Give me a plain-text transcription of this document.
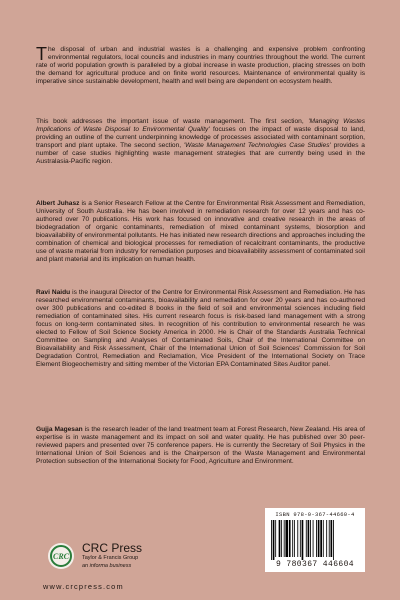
The disposal of urban and industrial wastes is a challenging and expensive problem confronting environmental regulators, local councils and industries in many countries throughout the world. The current rate of world population growth is paralleled by a global increase in waste production, placing stresses on both the demand for agricultural produce and on finite world resources. Maintenance of environmental quality is imperative since sustainable development, health and well being are dependent on ecosystem health.

This book addresses the important issue of waste management. The first section, 'Managing Wastes Implications of Waste Disposal to Environmental Quality' focuses on the impact of waste disposal to land, providing an outline of the current underpinning knowledge of processes associated with contaminant sorption, transport and plant uptake. The second section, 'Waste Management Technologies Case Studies' provides a number of case studies highlighting waste management strategies that are currently being used in the Australasia-Pacific region.

Albert Juhasz is a Senior Research Fellow at the Centre for Environmental Risk Assessment and Remediation, University of South Australia. He has been involved in remediation research for over 12 years and has co-authored over 70 publications. His work has focused on innovative and creative research in the areas of biodegradation of organic contaminants, remediation of mixed contaminant systems, biosorption and bioavailability of environmental pollutants. He has initiated new research directions and approaches including the combination of chemical and biological processes for remediation of recalcitrant contaminants, the productive use of waste material from industry for remediation purposes and bioavailability assessment of contaminated soil and plant material and its implication on human health.

Ravi Naidu is the inaugural Director of the Centre for Environmental Risk Assessment and Remediation. He has researched environmental contaminants, bioavailability and remediation for over 20 years and has co-authored over 300 publications and co-edited 8 books in the field of soil and environmental sciences including field remediation of contaminated sites. His current research focus is risk-based land management with a strong focus on long-term contaminated sites. In recognition of his contribution to environmental research he was elected to Fellow of Soil Science Society America in 2000. He is Chair of the Standards Australia Technical Committee on Sampling and Analyses of Contaminated Soils, Chair of the International Committee on Bioavailability and Risk Assessment, Chair of the International Union of Soil Sciences' Commission for Soil Degradation Control, Remediation and Reclamation, Vice President of the International Society on Trace Element Biogeochemistry and sitting member of the Victorian EPA Contaminated Sites Auditor panel.

Gujja Magesan is the research leader of the land treatment team at Forest Research, New Zealand. His area of expertise is in waste management and its impact on soil and water quality. He has published over 30 peer-reviewed papers and presented over 75 conference papers. He is currently the Secretary of Soil Physics in the International Union of Soil Sciences and is the Chairperson of the Waste Management and Environmental Protection subsection of the International Society for Food, Agriculture and Environment.

CRC
CRC Press
Taylor & Francis Group
an informa business
www.crcpress.com
ISBN 978-0-367-44660-4
9 780367 446604
